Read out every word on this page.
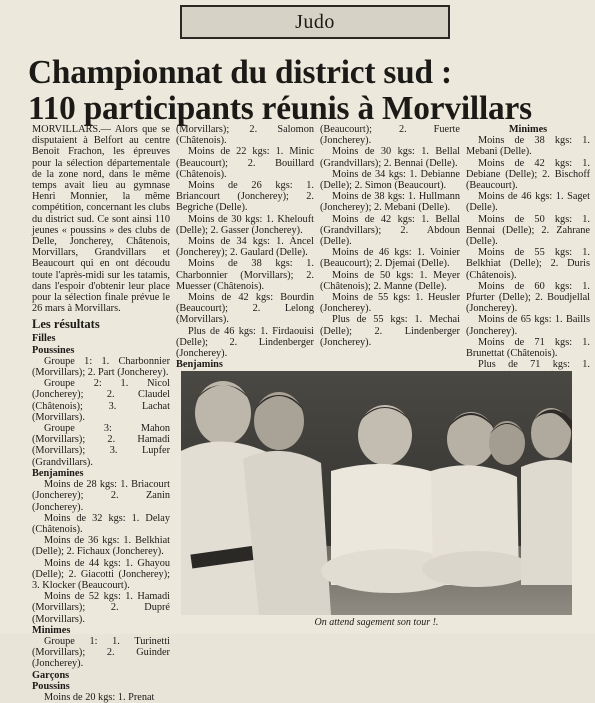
Judo
Championnat du district sud :
110 participants réunis à Morvillars

MORVILLARS.— Alors que se disputaient à Belfort au centre Benoit Frachon, les épreuves pour la sélection départementale de la zone nord, dans le même temps avait lieu au gymnase Henri Monnier, la même compétition, concernant les clubs du district sud. Ce sont ainsi 110 jeunes « poussins » des clubs de Delle, Joncherey, Châtenois, Morvillars, Grandvillars et Beaucourt qui en ont découdu toute l'après-midi sur les tatamis, dans l'espoir d'obtenir leur place pour la sélection finale prévue le 26 mars à Morvillars.

Les résultats

Filles

Poussines

Groupe 1: 1. Charbonnier (Morvillars); 2. Part (Joncherey).

Groupe 2: 1. Nicol (Joncherey); 2. Claudel (Châtenois); 3. Lachat (Morvillars).

Groupe 3: Mahon (Morvillars); 2. Hamadi (Morvillars); 3. Lupfer (Grandvillars).

Benjamines

Moins de 28 kgs: 1. Briacourt (Joncherey); 2. Zanin (Joncherey).

Moins de 32 kgs: 1. Delay (Châtenois).

Moins de 36 kgs: 1. Belkhiat (Delle); 2. Fichaux (Joncherey).

Moins de 44 kgs: 1. Ghayou (Delle); 2. Giacotti (Joncherey); 3. Klocker (Beaucourt).

Moins de 52 kgs: 1. Hamadi (Morvillars); 2. Dupré (Morvillars).

Minimes

Groupe 1: 1. Turinetti (Morvillars); 2. Guinder (Joncherey).

Garçons

Poussins

Moins de 20 kgs: 1. Prenat

(Morvillars); 2. Salomon (Châtenois).

Moins de 22 kgs: 1. Minic (Beaucourt); 2. Bouillard (Châtenois).

Moins de 26 kgs: 1. Briancourt (Joncherey); 2. Begriche (Delle).

Moins de 30 kgs: 1. Khelouft (Delle); 2. Gasser (Joncherey).

Moins de 34 kgs: 1. Ancel (Joncherey); 2. Gaulard (Delle).

Moins de 38 kgs: 1. Charbonnier (Morvillars); 2. Muesser (Châtenois).

Moins de 42 kgs: Bourdin (Beaucourt); 2. Lelong (Morvillars).

Plus de 46 kgs: 1. Firdaouisi (Delle); 2. Lindenberger (Joncherey).

Benjamins

(Beaucourt); 2. Fuerte (Joncherey).

Moins de 30 kgs: 1. Bellal (Grandvillars); 2. Bennai (Delle).

Moins de 34 kgs: 1. Debianne (Delle); 2. Simon (Beaucourt).

Moins de 38 kgs: 1. Hullmann (Joncherey); 2. Mebani (Delle).

Moins de 42 kgs: 1. Bellal (Grandvillars); 2. Abdoun (Delle).

Moins de 46 kgs: 1. Voinier (Beaucourt); 2. Djemai (Delle).

Moins de 50 kgs: 1. Meyer (Châtenois); 2. Manne (Delle).

Moins de 55 kgs: 1. Heusler (Joncherey).

Plus de 55 kgs: 1. Mechai (Delle); 2. Lindenberger (Joncherey).

Minimes

Moins de 38 kgs: 1. Mebani (Delle).

Moins de 42 kgs: 1. Debiane (Delle); 2. Bischoff (Beaucourt).

Moins de 46 kgs: 1. Saget (Delle).

Moins de 50 kgs: 1. Bennai (Delle); 2. Zahrane (Delle).

Moins de 55 kgs: 1. Belkhiat (Delle); 2. Duris (Châtenois).

Moins de 60 kgs: 1. Pfurter (Delle); 2. Boudjellal (Joncherey).

Moins de 65 kgs: 1. Baills (Joncherey).

Moins de 71 kgs: 1. Brunettat (Châtenois).

Plus de 71 kgs: 1.

On attend sagement son tour !.
